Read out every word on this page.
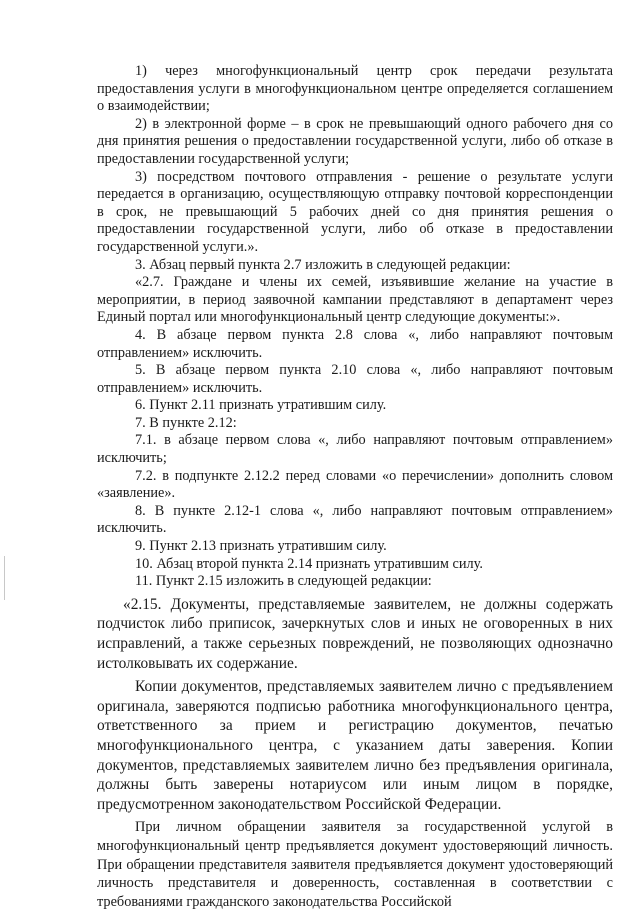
1) через многофункциональный центр срок передачи результата предоставления услуги в многофункциональном центре определяется соглашением о взаимодействии;

2) в электронной форме – в срок не превышающий одного рабочего дня со дня принятия решения о предоставлении государственной услуги, либо об отказе в предоставлении государственной услуги;

3) посредством почтового отправления - решение о результате услуги передается в организацию, осуществляющую отправку почтовой корреспонденции в срок, не превышающий 5 рабочих дней со дня принятия решения о предоставлении государственной услуги, либо об отказе в предоставлении государственной услуги.».

3. Абзац первый пункта 2.7 изложить в следующей редакции:

«2.7. Граждане и члены их семей, изъявившие желание на участие в мероприятии, в период заявочной кампании представляют в департамент через Единый портал или многофункциональный центр следующие документы:».

4. В абзаце первом пункта 2.8 слова «, либо направляют почтовым отправлением» исключить.

5. В абзаце первом пункта 2.10 слова «, либо направляют почтовым отправлением» исключить.

6. Пункт 2.11 признать утратившим силу.

7. В пункте 2.12:

7.1. в абзаце первом слова «, либо направляют почтовым отправлением» исключить;

7.2. в подпункте 2.12.2 перед словами «о перечислении» дополнить словом «заявление».

8. В пункте 2.12-1 слова «, либо направляют почтовым отправлением» исключить.

9. Пункт 2.13 признать утратившим силу.

10. Абзац второй пункта 2.14 признать утратившим силу.

11. Пункт 2.15 изложить в следующей редакции:

«2.15. Документы, представляемые заявителем, не должны содержать подчисток либо приписок, зачеркнутых слов и иных не оговоренных в них исправлений, а также серьезных повреждений, не позволяющих однозначно истолковывать их содержание.

Копии документов, представляемых заявителем лично с предъявлением оригинала, заверяются подписью работника многофункционального центра, ответственного за прием и регистрацию документов, печатью многофункционального центра, с указанием даты заверения. Копии документов, представляемых заявителем лично без предъявления оригинала, должны быть заверены нотариусом или иным лицом в порядке, предусмотренном законодательством Российской Федерации.

При личном обращении заявителя за государственной услугой в многофункциональный центр предъявляется документ удостоверяющий личность. При обращении представителя заявителя предъявляется документ удостоверяющий личность представителя и доверенность, составленная в соответствии с требованиями гражданского законодательства Российской
